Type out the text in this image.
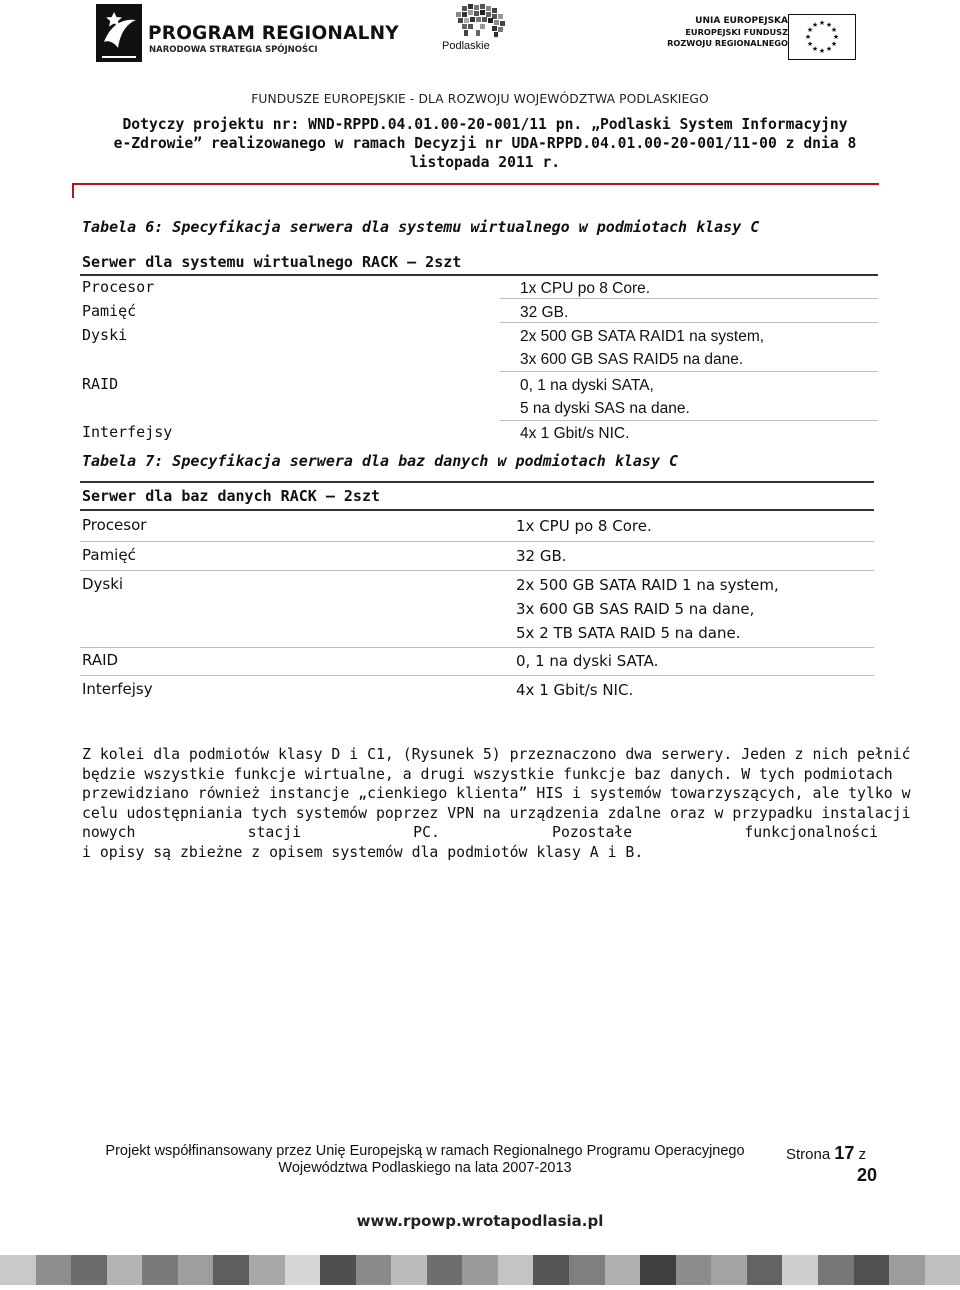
PROGRAM REGIONALNY
NARODOWA STRATEGIA SPÓJNOŚCI	Podlaskie
UNIA EUROPEJSKA
EUROPEJSKI FUNDUSZ
ROZWOJU REGIONALNEGO
★ ★
★
★
★
★
★
★
★
★
★
★
FUNDUSZE EUROPEJSKIE - DLA ROZWOJU WOJEWÓDZTWA PODLASKIEGO
Dotyczy projektu nr: WND-RPPD.04.01.00-20-001/11 pn. „Podlaski System Informacyjny
e-Zdrowie” realizowanego w ramach Decyzji nr UDA-RPPD.04.01.00-20-001/11-00 z dnia 8
listopada 2011 r.
Tabela 6: Specyfikacja serwera dla systemu wirtualnego w podmiotach klasy C
Serwer dla systemu wirtualnego RACK – 2szt
Procesor	1x CPU po 8 Core.
Pamięć	32 GB.
Dyski	2x 500 GB SATA RAID1 na system,
3x 600 GB SAS RAID5 na dane.
RAID	0, 1 na dyski SATA,
5 na dyski SAS na dane.
Interfejsy	4x 1 Gbit/s NIC.
Tabela 7: Specyfikacja serwera dla baz danych w podmiotach klasy C
Serwer dla baz danych RACK – 2szt
Procesor	1x CPU po 8 Core.
Pamięć	32 GB.
Dyski	2x 500 GB SATA RAID 1 na system,
3x 600 GB SAS RAID 5 na dane,
5x 2 TB SATA RAID 5 na dane.
RAID	0, 1 na dyski SATA.
Interfejsy	4x 1 Gbit/s NIC.

Z kolei dla podmiotów klasy D i C1, (Rysunek 5) przeznaczono dwa serwery. Jeden z nich pełnić

będzie wszystkie funkcje wirtualne, a drugi wszystkie funkcje baz danych. W tych podmiotach

przewidziano również instancje „cienkiego klienta” HIS i systemów towarzyszących, ale tylko w

celu udostępniania tych systemów poprzez VPN na urządzenia zdalne oraz w przypadku instalacji

nowych stacji PC. Pozostałe funkcjonalności

i opisy są zbieżne z opisem systemów dla podmiotów klasy A i B.

Projekt współfinansowany przez Unię Europejską w ramach Regionalnego Programu Operacyjnego
Województwa Podlaskiego na lata 2007-2013
Strona 17 z
20
www.rpowp.wrotapodlasia.pl
